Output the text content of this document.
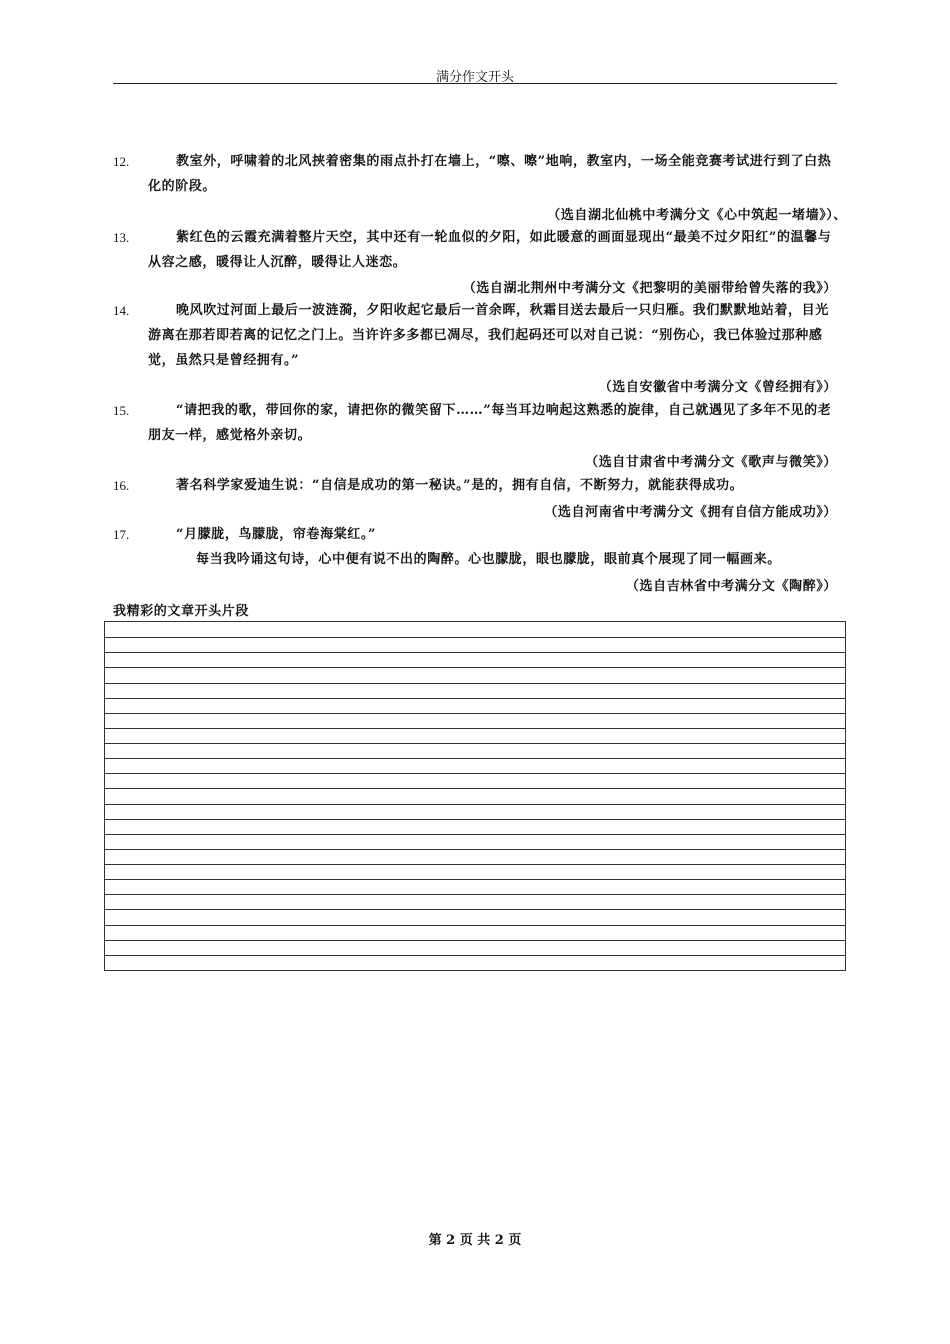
满分作文开头
12.	教室外，呼啸着的北风挟着密集的雨点扑打在墙上，“嚓、嚓”地响，教室内，一场全能竞赛考试进行到了白热化的阶段。
（选自湖北仙桃中考满分文《心中筑起一堵墙》）、
13.	紫红色的云霞充满着整片天空，其中还有一轮血似的夕阳，如此暖意的画面显现出“最美不过夕阳红”的温馨与从容之感，暖得让人沉醉，暖得让人迷恋。
（选自湖北荆州中考满分文《把黎明的美丽带给曾失落的我》）
14.	晚风吹过河面上最后一波涟漪，夕阳收起它最后一首余晖，秋霜目送去最后一只归雁。我们默默地站着，目光游离在那若即若离的记忆之门上。当许许多多都已凋尽，我们起码还可以对自己说：“别伤心，我已体验过那种感觉，虽然只是曾经拥有。”
（选自安徽省中考满分文《曾经拥有》）
15.	“请把我的歌，带回你的家，请把你的微笑留下……”每当耳边响起这熟悉的旋律，自己就遇见了多年不见的老朋友一样，感觉格外亲切。
（选自甘肃省中考满分文《歌声与微笑》）
16.	著名科学家爱迪生说：“自信是成功的第一秘诀。”是的，拥有自信，不断努力，就能获得成功。
（选自河南省中考满分文《拥有自信方能成功》）
17.	“月朦胧，鸟朦胧，帘卷海棠红。”
每当我吟诵这句诗，心中便有说不出的陶醉。心也朦胧，眼也朦胧，眼前真个展现了同一幅画来。
（选自吉林省中考满分文《陶醉》）
我精彩的文章开头片段
第 2 页 共 2 页
